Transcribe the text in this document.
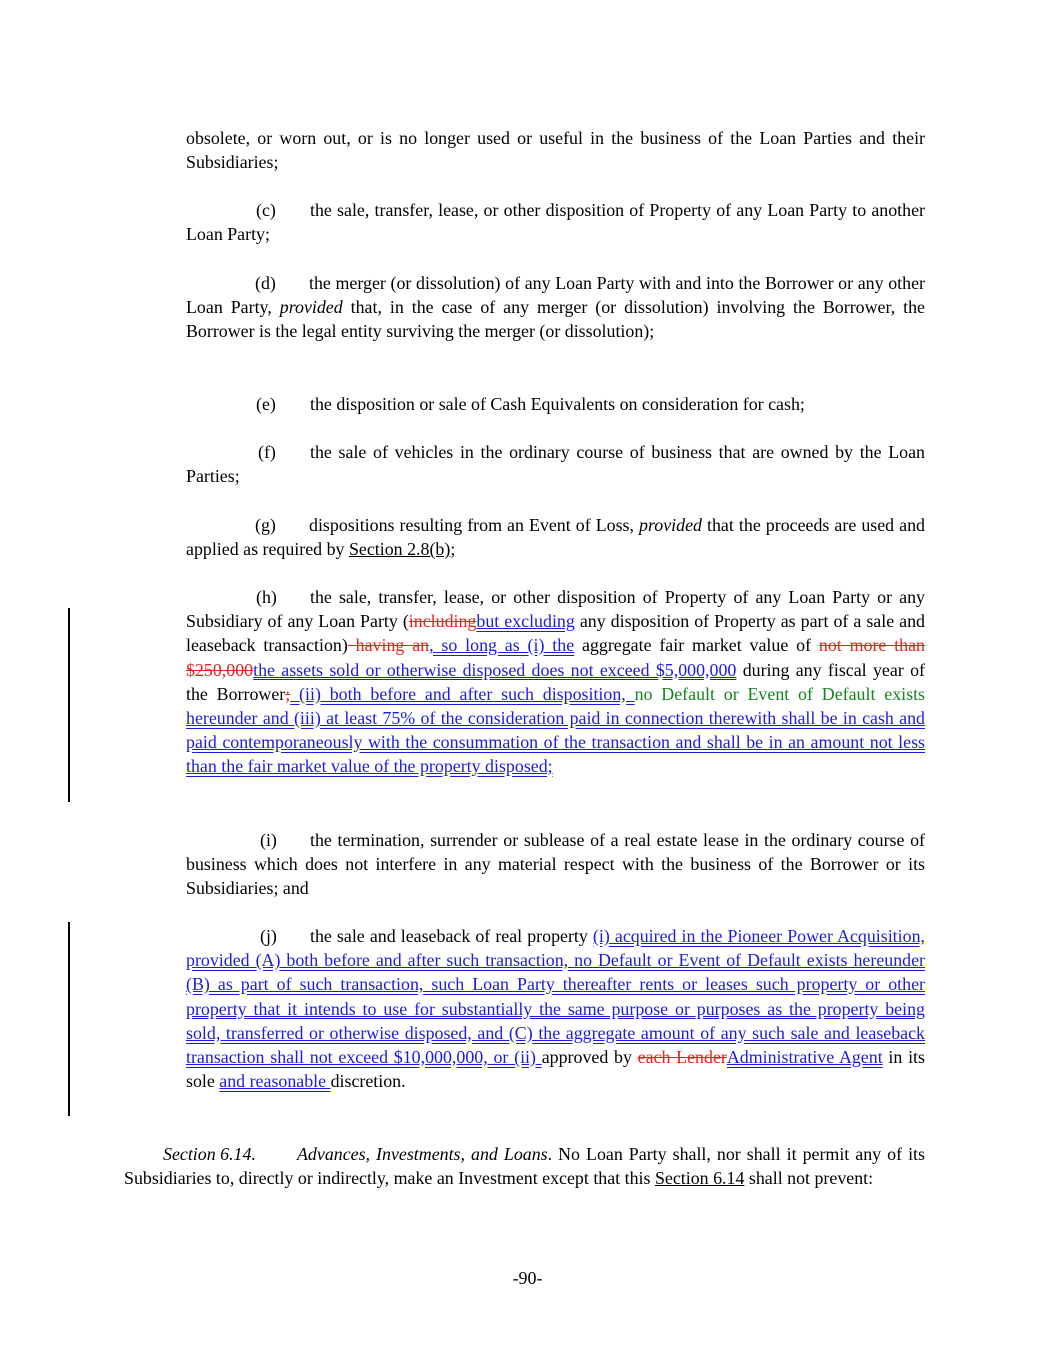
obsolete, or worn out, or is no longer used or useful in the business of the Loan Parties and their Subsidiaries;

(c) the sale, transfer, lease, or other disposition of Property of any Loan Party to another Loan Party;

(d) the merger (or dissolution) of any Loan Party with and into the Borrower or any other Loan Party, provided that, in the case of any merger (or dissolution) involving the Borrower, the Borrower is the legal entity surviving the merger (or dissolution);

(e) the disposition or sale of Cash Equivalents on consideration for cash;

(f) the sale of vehicles in the ordinary course of business that are owned by the Loan Parties;

(g) dispositions resulting from an Event of Loss, provided that the proceeds are used and applied as required by Section 2.8(b);

(h) the sale, transfer, lease, or other disposition of Property of any Loan Party or any Subsidiary of any Loan Party (includingbut excluding any disposition of Property as part of a sale and leaseback transaction) having an, so long as (i) the aggregate fair market value of not more than $250,000the assets sold or otherwise disposed does not exceed $5,000,000 during any fiscal year of the Borrower; (ii) both before and after such disposition, no Default or Event of Default exists hereunder and (iii) at least 75% of the consideration paid in connection therewith shall be in cash and paid contemporaneously with the consummation of the transaction and shall be in an amount not less than the fair market value of the property disposed;

(i) the termination, surrender or sublease of a real estate lease in the ordinary course of business which does not interfere in any material respect with the business of the Borrower or its Subsidiaries; and

(j) the sale and leaseback of real property (i) acquired in the Pioneer Power Acquisition, provided (A) both before and after such transaction, no Default or Event of Default exists hereunder (B) as part of such transaction, such Loan Party thereafter rents or leases such property or other property that it intends to use for substantially the same purpose or purposes as the property being sold, transferred or otherwise disposed, and (C) the aggregate amount of any such sale and leaseback transaction shall not exceed $10,000,000, or (ii) approved by each LenderAdministrative Agent in its sole and reasonable discretion.

Section 6.14. Advances, Investments, and Loans. No Loan Party shall, nor shall it permit any of its Subsidiaries to, directly or indirectly, make an Investment except that this Section 6.14 shall not prevent:

-90-
